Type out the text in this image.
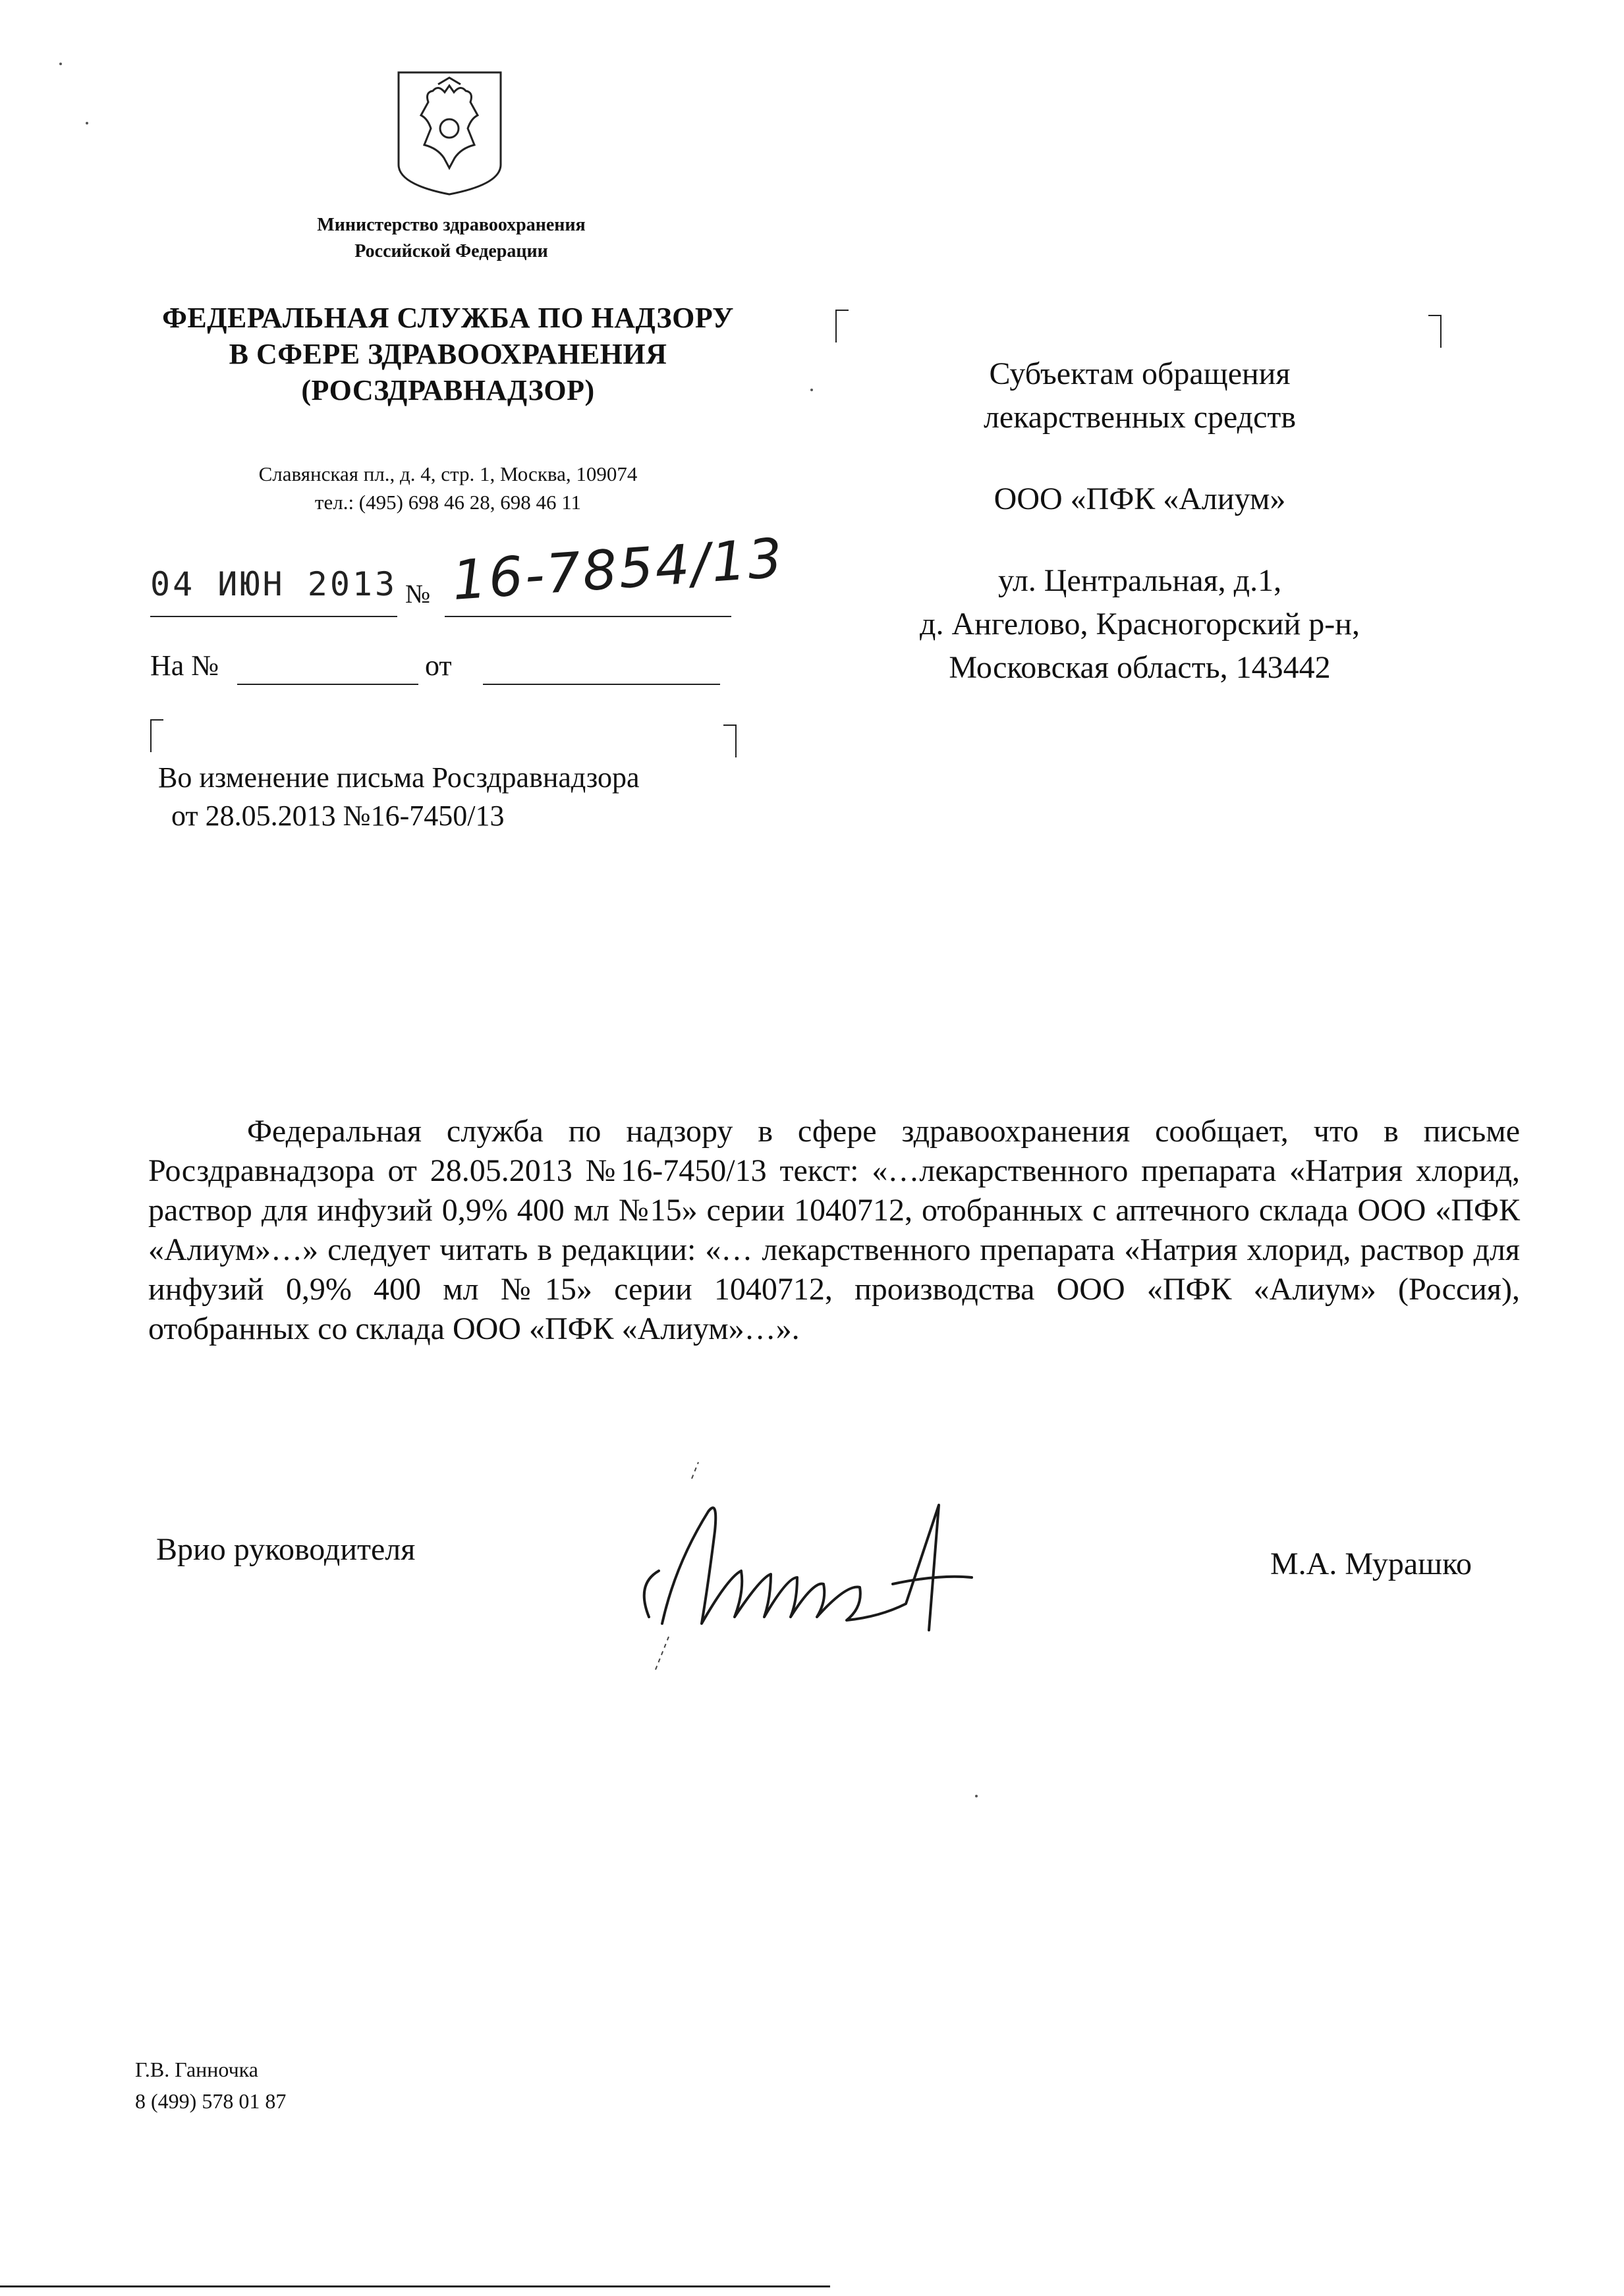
Министерство здравоохранения
Российской Федерации
ФЕДЕРАЛЬНАЯ СЛУЖБА ПО НАДЗОРУ
В СФЕРЕ ЗДРАВООХРАНЕНИЯ
(РОСЗДРАВНАДЗОР)
Славянская пл., д. 4, стр. 1, Москва, 109074
тел.: (495) 698 46 28, 698 46 11
04 ИЮН 2013 № 16-7854/13
На №	от
Во изменение письма Росздравнадзора
от 28.05.2013 №16-7450/13
Субъектам обращения
лекарственных средств
ООО «ПФК «Алиум»
ул. Центральная, д.1,
д. Ангелово, Красногорский р-н,
Московская область, 143442
Федеральная служба по надзору в сфере здравоохранения сообщает, что в письме Росздравнадзора от 28.05.2013 №16-7450/13 текст: «…лекарственного препарата «Натрия хлорид, раствор для инфузий 0,9% 400 мл №15» серии 1040712, отобранных с аптечного склада ООО «ПФК «Алиум»…» следует читать в редакции: «… лекарственного препарата «Натрия хлорид, раствор для инфузий 0,9% 400 мл №15» серии 1040712, производства ООО «ПФК «Алиум» (Россия), отобранных со склада ООО «ПФК «Алиум»…».
Врио руководителя	М.А. Мурашко
Г.В. Ганночка
8 (499) 578 01 87
